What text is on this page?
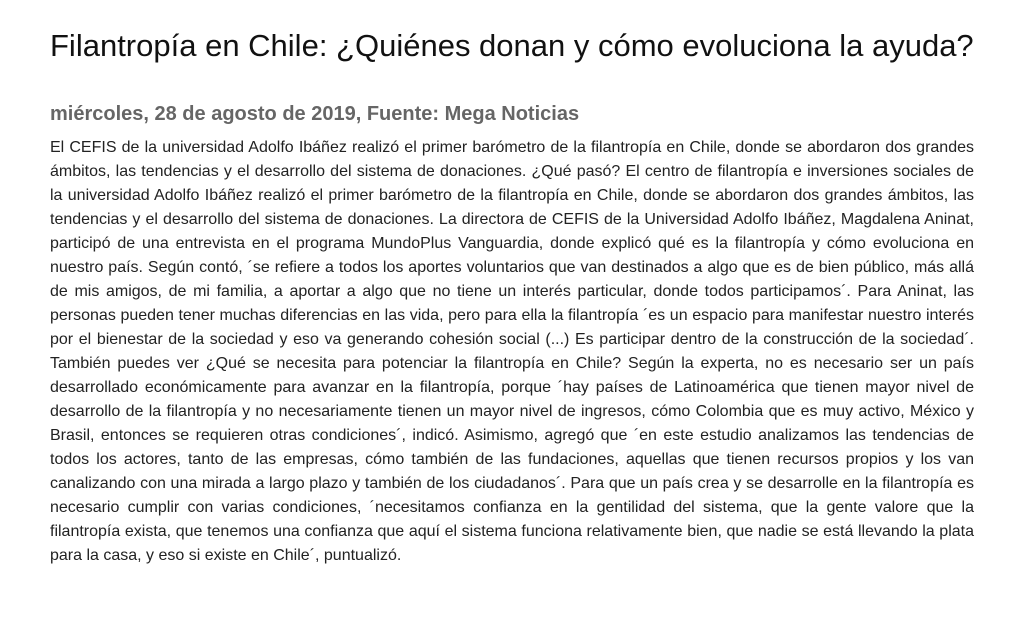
Filantropía en Chile: ¿Quiénes donan y cómo evoluciona la ayuda?
miércoles, 28 de agosto de 2019, Fuente: Mega Noticias

El CEFIS de la universidad Adolfo Ibáñez realizó el primer barómetro de la filantropía en Chile, donde se abordaron dos grandes ámbitos, las tendencias y el desarrollo del sistema de donaciones. ¿Qué pasó? El centro de filantropía e inversiones sociales de la universidad Adolfo Ibáñez realizó el primer barómetro de la filantropía en Chile, donde se abordaron dos grandes ámbitos, las tendencias y el desarrollo del sistema de donaciones. La directora de CEFIS de la Universidad Adolfo Ibáñez, Magdalena Aninat, participó de una entrevista en el programa MundoPlus Vanguardia, donde explicó qué es la filantropía y cómo evoluciona en nuestro país. Según contó, ´se refiere a todos los aportes voluntarios que van destinados a algo que es de bien público, más allá de mis amigos, de mi familia, a aportar a algo que no tiene un interés particular, donde todos participamos´. Para Aninat, las personas pueden tener muchas diferencias en las vida, pero para ella la filantropía ´es un espacio para manifestar nuestro interés por el bienestar de la sociedad y eso va generando cohesión social (...) Es participar dentro de la construcción de la sociedad´. También puedes ver ¿Qué se necesita para potenciar la filantropía en Chile? Según la experta, no es necesario ser un país desarrollado económicamente para avanzar en la filantropía, porque ´hay países de Latinoamérica que tienen mayor nivel de desarrollo de la filantropía y no necesariamente tienen un mayor nivel de ingresos, cómo Colombia que es muy activo, México y Brasil, entonces se requieren otras condiciones´, indicó. Asimismo, agregó que ´en este estudio analizamos las tendencias de todos los actores, tanto de las empresas, cómo también de las fundaciones, aquellas que tienen recursos propios y los van canalizando con una mirada a largo plazo y también de los ciudadanos´. Para que un país crea y se desarrolle en la filantropía es necesario cumplir con varias condiciones, ´necesitamos confianza en la gentilidad del sistema, que la gente valore que la filantropía exista, que tenemos una confianza que aquí el sistema funciona relativamente bien, que nadie se está llevando la plata para la casa, y eso si existe en Chile´, puntualizó.
